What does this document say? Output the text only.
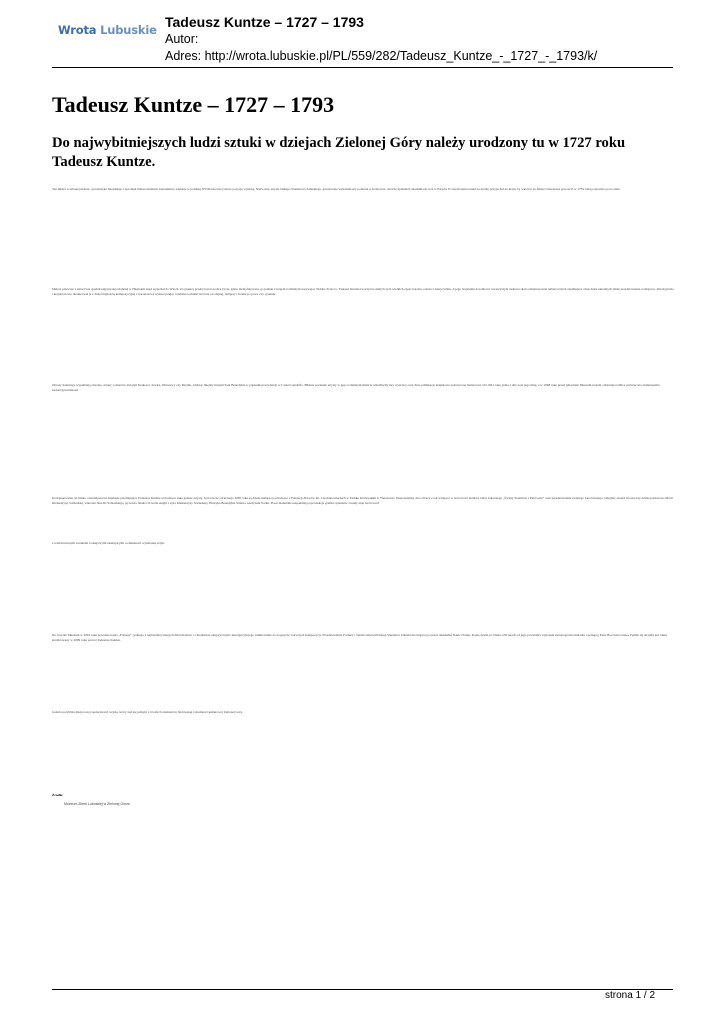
Wrota Lubuskie Tadeusz Kuntze – 1727 – 1793
Autor:
Adres: http://wrota.lubuskie.pl/PL/559/282/Tadeusz_Kuntze_-_1727_-_1793/k/
Tadeusz Kuntze – 1727 – 1793
Do najwybitniejszych ludzi sztuki w dziejach Zielonej Góry należy urodzony tu w 1727 roku Tadeusz Kuntze.
Ten mistrz i cenionej malarz, syn muzyka miejskiego i potomek mieszczańskich zakonników zapisuje w polskiej XVIII-wiecznej sztuce pozycję wybitną. Nadworny artysta biskupa Stanisława Załuskiego, gruntownie wykształcony pobierał w Krakowie, dwóch rzymskich akademiach oraz w Paryżu. Po ukończeniu nauki na krótko przyjechał do kraju, by wkrótce po śmierci mecenasa powrócić w 1759 roku ponownie go na stałe.
Malarz pierwsze z której lata spędził najprawdopodobniej w Hiszpanii skąd wyjechał do Włoch. Za granicą przebywał do końca życia, gdzie identyfikowano go jednak z krajem rodzinnym nazywając Taddeo Polacco. Tadeusz Kuntze tworzył na dużych tych wielkich epok: barokn, rokoko i klasycyzmu. A jego bogatemu dorobkowi towarzyszyła ciekawa skala zainteresowań tematycznych obejmująca obok dzieł sakralnych także przedstawienia rodzajowe, mitologiczne i krajobrazowe. Realizował je z dużą biegłością kompozycyjną i warsztatową wykorzystując rozmaite techniki twórcze od olejnej, tempery i fresku po prace czy rysunek.
Obrazy Kuntzego wypełniają obecnie, ściany i ołtarzów świątyń Krakowa, Kocka, Warszawy czy Rzymu, zdobiąc między innymi Sant Benedykta w papieskiej rezydencji w Castel Gandolfo. Bliższe poznanie artysty w jego rodzinnym mieście umożliwiły trzy wystawy oraz dwie publikacje książkowe poświęcone malarzowi. Od 1941 roku jedna z ulic nosi jego imię, a w 1998 roku przed gmachem Muzeum została odsłonięta tablica poświęcona zasłużonemu zielonogórzaninowi.
Kontynuowanie od blisko czterdziestu lat działanie przemijające Tadeusza Kuntze wchodzące stałe galerie artysty. Jej twórcze od którego 2005 roku są dzieła malarza pochodzące z Fundacji Zbiorów im. Czechanowieckich w Zamku Królewskim w Warszawie. Eksponujemy dwa obrazy z tak wstające w twórczości malarza nurtu zakonnego „Święty Stanisław i Piotrowin” oraz przedstawienie świętego Jana Kantego. Odrębny zespół tworzą trzy dzieła portretowe Marii Klementyny Sobieskiej, wnuczki Jana III Sobieskiego, jej teścia Jakuba II, króla Anglii i syna Klementyny Sobieskiej, Henryka Benedykta Stuarta, kardynała Yorku. Prace malarskie uzupełniają reprodukcje grafiki rysunków zostały etap twórczości
z wielobarwnymi scenkami rodzajowymi ukazującymi codzienność wynalazkę sztyk.
Na obecnie Muzeum w 2002 roku powstała kopia „Fortuny”, jednego z najbardziej znanych dzieł malarza o charakterze alegorycznym, ukazującym jego zamiłowanie do bogatych i barwnych kompozycji. Przedstawienia Fortuny i Sztuki zamówił biskup Stanisław Załuski dla mającej powstać Akademii Nauk i Sztuk. Kopię dzieła po blisko 250 latach od jego powstania wykonała zielonogórska malarka i pedagog Irena Borowiecowska. Pędzlu tej artystki jest także zrealizowany w 2009 roku portret Tadeusza Kuntze.
Galeria przybliża miejscowej społeczności artystę, który stał się jednym z trwałych elementów budowanej tożsamości kulturowej Zielonej Góry.
Źródło:
Muzeum Ziemi Lubuskiej w Zielonej Górze
strona 1 / 2
